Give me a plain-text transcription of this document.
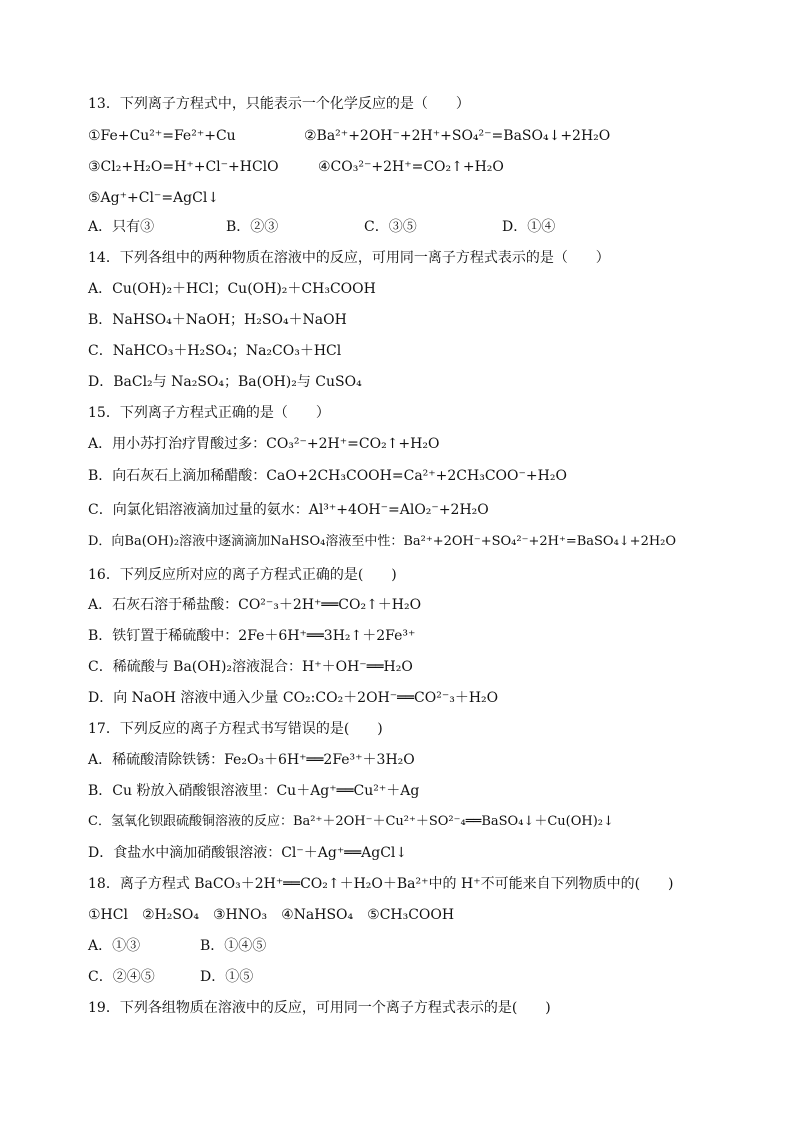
13．下列离子方程式中，只能表示一个化学反应的是（　　）
①Fe+Cu²⁺=Fe²⁺+Cu	②Ba²⁺+2OH⁻+2H⁺+SO₄²⁻=BaSO₄↓+2H₂O
③Cl₂+H₂O=H⁺+Cl⁻+HClO	④CO₃²⁻+2H⁺=CO₂↑+H₂O
⑤Ag⁺+Cl⁻=AgCl↓
A．只有③	B．②③	C．③⑤	D．①④
14．下列各组中的两种物质在溶液中的反应，可用同一离子方程式表示的是（　　）
A．Cu(OH)₂＋HCl；Cu(OH)₂＋CH₃COOH
B．NaHSO₄＋NaOH；H₂SO₄＋NaOH
C．NaHCO₃＋H₂SO₄；Na₂CO₃＋HCl
D．BaCl₂与 Na₂SO₄；Ba(OH)₂与 CuSO₄
15．下列离子方程式正确的是（　　）
A．用小苏打治疗胃酸过多：CO₃²⁻+2H⁺=CO₂↑+H₂O
B．向石灰石上滴加稀醋酸：CaO+2CH₃COOH=Ca²⁺+2CH₃COO⁻+H₂O
C．向氯化铝溶液滴加过量的氨水：Al³⁺+4OH⁻=AlO₂⁻+2H₂O
D．向Ba(OH)₂溶液中逐滴滴加NaHSO₄溶液至中性：Ba²⁺+2OH⁻+SO₄²⁻+2H⁺=BaSO₄↓+2H₂O
16．下列反应所对应的离子方程式正确的是(　　)
A．石灰石溶于稀盐酸：CO²⁻₃＋2H⁺══CO₂↑＋H₂O
B．铁钉置于稀硫酸中：2Fe＋6H⁺══3H₂↑＋2Fe³⁺
C．稀硫酸与 Ba(OH)₂溶液混合：H⁺＋OH⁻══H₂O
D．向 NaOH 溶液中通入少量 CO₂:CO₂＋2OH⁻══CO²⁻₃＋H₂O
17．下列反应的离子方程式书写错误的是(　　)
A．稀硫酸清除铁锈：Fe₂O₃＋6H⁺══2Fe³⁺＋3H₂O
B．Cu 粉放入硝酸银溶液里：Cu＋Ag⁺══Cu²⁺＋Ag
C．氢氧化钡跟硫酸铜溶液的反应：Ba²⁺＋2OH⁻＋Cu²⁺＋SO²⁻₄══BaSO₄↓＋Cu(OH)₂↓
D．食盐水中滴加硝酸银溶液：Cl⁻＋Ag⁺══AgCl↓
18．离子方程式 BaCO₃＋2H⁺══CO₂↑＋H₂O＋Ba²⁺中的 H⁺不可能来自下列物质中的(　　)
①HCl　②H₂SO₄　③HNO₃　④NaHSO₄　⑤CH₃COOH
A．①③	B．①④⑤
C．②④⑤	D．①⑤
19．下列各组物质在溶液中的反应，可用同一个离子方程式表示的是(　　)
